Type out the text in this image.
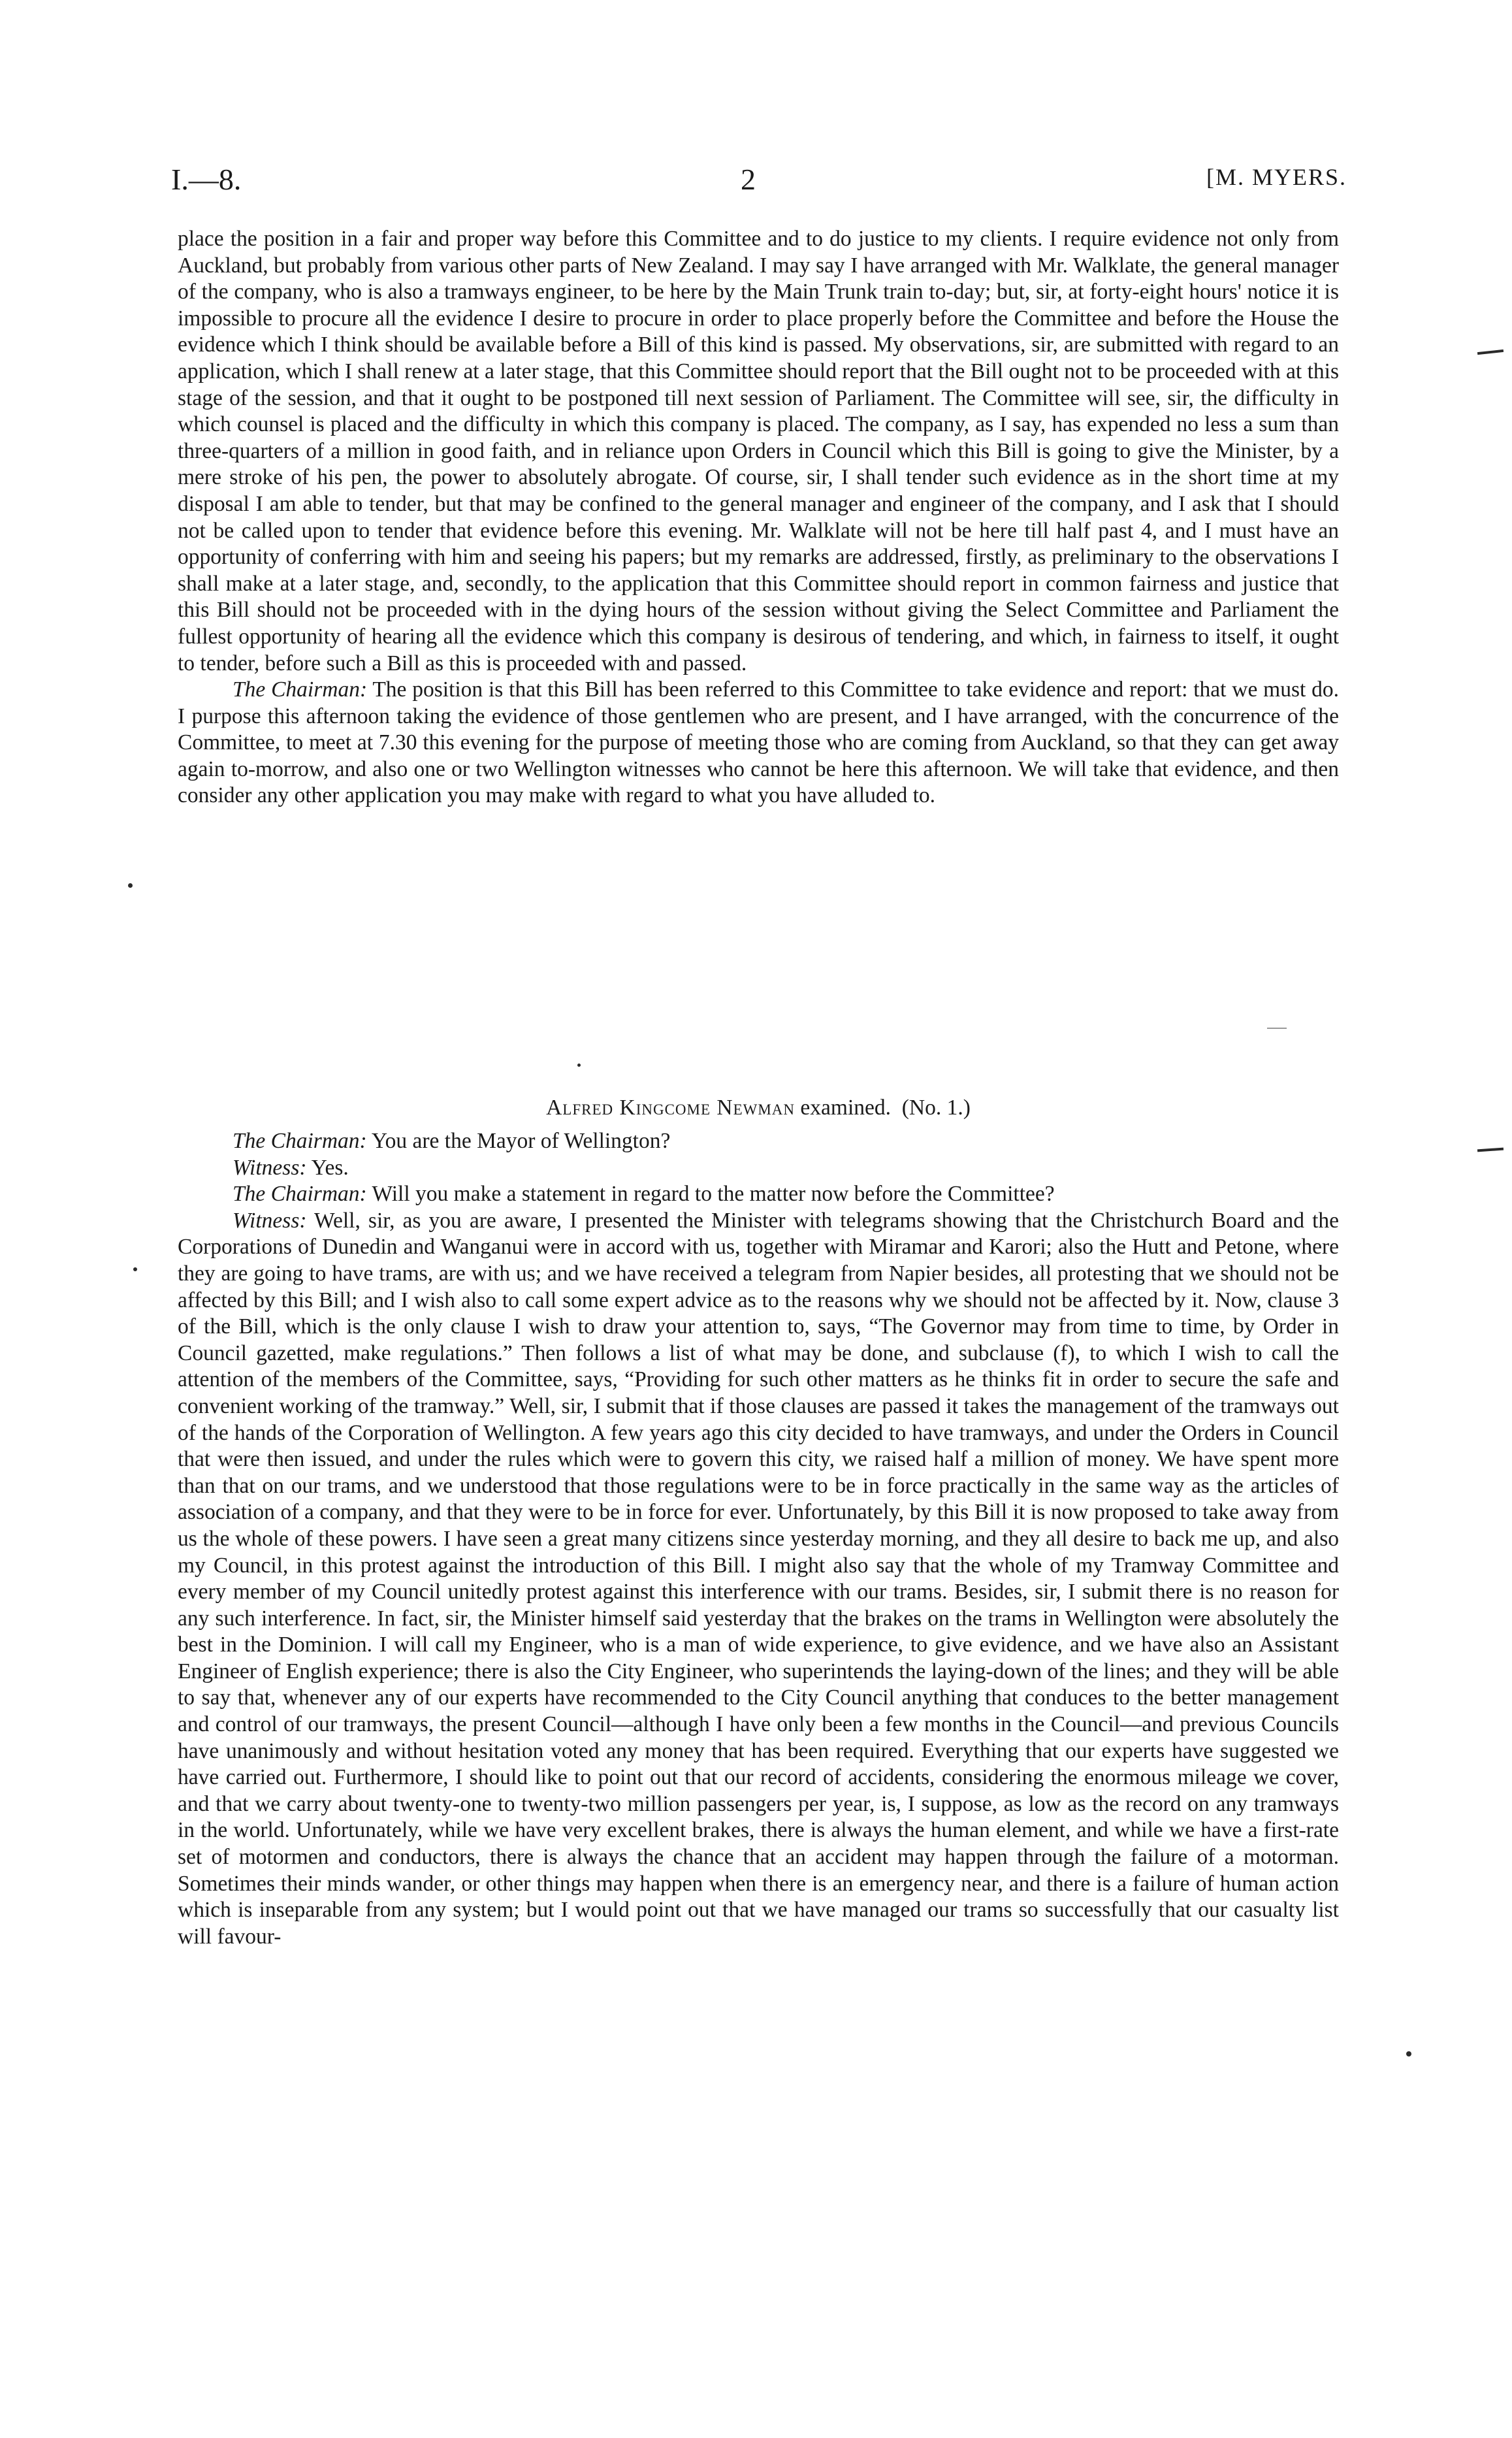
I.—8.	2	[M. MYERS.

place the position in a fair and proper way before this Committee and to do justice to my clients. I require evidence not only from Auckland, but probably from various other parts of New Zealand. I may say I have arranged with Mr. Walklate, the general manager of the company, who is also a tramways engineer, to be here by the Main Trunk train to-day; but, sir, at forty-eight hours' notice it is impossible to procure all the evidence I desire to procure in order to place properly before the Committee and before the House the evidence which I think should be available before a Bill of this kind is passed. My observations, sir, are submitted with regard to an application, which I shall renew at a later stage, that this Committee should report that the Bill ought not to be proceeded with at this stage of the session, and that it ought to be postponed till next session of Parliament. The Committee will see, sir, the difficulty in which counsel is placed and the difficulty in which this company is placed. The company, as I say, has expended no less a sum than three-quarters of a million in good faith, and in reliance upon Orders in Council which this Bill is going to give the Minister, by a mere stroke of his pen, the power to absolutely abrogate. Of course, sir, I shall tender such evidence as in the short time at my disposal I am able to tender, but that may be confined to the general manager and engineer of the company, and I ask that I should not be called upon to tender that evidence before this evening. Mr. Walklate will not be here till half past 4, and I must have an opportunity of conferring with him and seeing his papers; but my remarks are addressed, firstly, as preliminary to the observations I shall make at a later stage, and, secondly, to the application that this Committee should report in common fairness and justice that this Bill should not be proceeded with in the dying hours of the session without giving the Select Committee and Parliament the fullest opportunity of hearing all the evidence which this company is desirous of tendering, and which, in fairness to itself, it ought to tender, before such a Bill as this is proceeded with and passed.

The Chairman: The position is that this Bill has been referred to this Committee to take evidence and report: that we must do. I purpose this afternoon taking the evidence of those gentlemen who are present, and I have arranged, with the concurrence of the Committee, to meet at 7.30 this evening for the purpose of meeting those who are coming from Auckland, so that they can get away again to-morrow, and also one or two Wellington witnesses who cannot be here this afternoon. We will take that evidence, and then consider any other application you may make with regard to what you have alluded to.

Alfred Kingcome Newman examined. (No. 1.)

The Chairman: You are the Mayor of Wellington?

Witness: Yes.

The Chairman: Will you make a statement in regard to the matter now before the Committee?

Witness: Well, sir, as you are aware, I presented the Minister with telegrams showing that the Christchurch Board and the Corporations of Dunedin and Wanganui were in accord with us, together with Miramar and Karori; also the Hutt and Petone, where they are going to have trams, are with us; and we have received a telegram from Napier besides, all protesting that we should not be affected by this Bill; and I wish also to call some expert advice as to the reasons why we should not be affected by it. Now, clause 3 of the Bill, which is the only clause I wish to draw your attention to, says, “The Governor may from time to time, by Order in Council gazetted, make regulations.” Then follows a list of what may be done, and subclause (f), to which I wish to call the attention of the members of the Committee, says, “Providing for such other matters as he thinks fit in order to secure the safe and convenient working of the tramway.” Well, sir, I submit that if those clauses are passed it takes the management of the tramways out of the hands of the Corporation of Wellington. A few years ago this city decided to have tramways, and under the Orders in Council that were then issued, and under the rules which were to govern this city, we raised half a million of money. We have spent more than that on our trams, and we understood that those regulations were to be in force practically in the same way as the articles of association of a company, and that they were to be in force for ever. Unfortunately, by this Bill it is now proposed to take away from us the whole of these powers. I have seen a great many citizens since yesterday morning, and they all desire to back me up, and also my Council, in this protest against the introduction of this Bill. I might also say that the whole of my Tramway Committee and every member of my Council unitedly protest against this interference with our trams. Besides, sir, I submit there is no reason for any such interference. In fact, sir, the Minister himself said yesterday that the brakes on the trams in Wellington were absolutely the best in the Dominion. I will call my Engineer, who is a man of wide experience, to give evidence, and we have also an Assistant Engineer of English experience; there is also the City Engineer, who superintends the laying-down of the lines; and they will be able to say that, whenever any of our experts have recommended to the City Council anything that conduces to the better management and control of our tramways, the present Council—although I have only been a few months in the Council—and previous Councils have unanimously and without hesitation voted any money that has been required. Everything that our experts have suggested we have carried out. Furthermore, I should like to point out that our record of accidents, considering the enormous mileage we cover, and that we carry about twenty-one to twenty-two million passengers per year, is, I suppose, as low as the record on any tramways in the world. Unfortunately, while we have very excellent brakes, there is always the human element, and while we have a first-rate set of motormen and conductors, there is always the chance that an accident may happen through the failure of a motorman. Sometimes their minds wander, or other things may happen when there is an emergency near, and there is a failure of human action which is inseparable from any system; but I would point out that we have managed our trams so successfully that our casualty list will favour-
